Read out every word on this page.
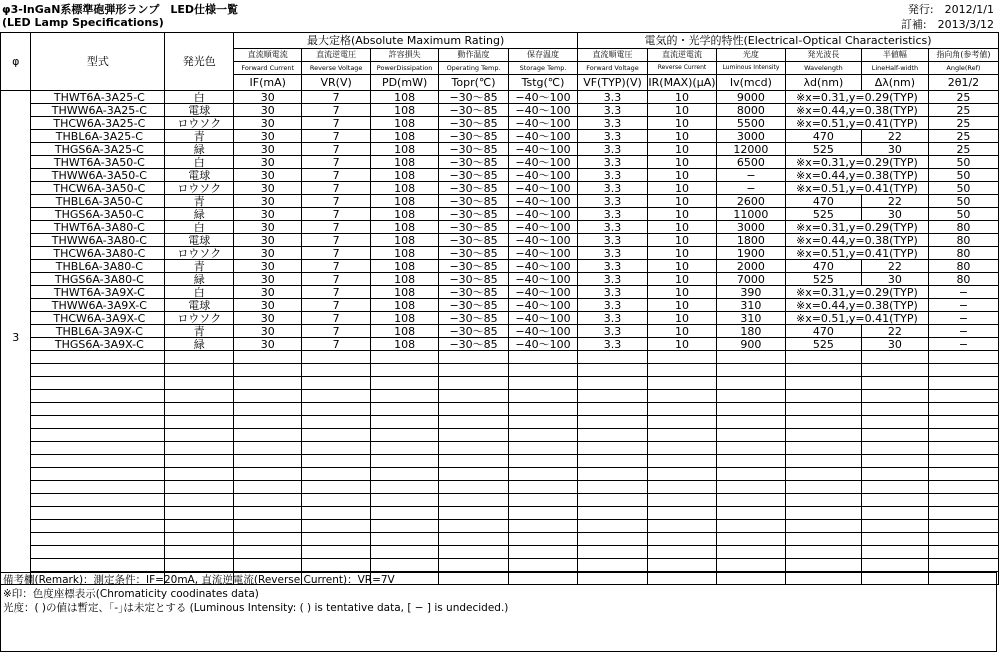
φ3-InGaN系標準砲弾形ランプ　LED仕様一覧
(LED Lamp Specifications)
発行:　2012/1/1
訂補:　2013/3/12
φ	型式	発光色	最大定格(Absolute Maximum Rating)					電気的・光学的特性(Electrical-Optical Characteristics)					
			直流順電流	直流逆電圧	許容損失	動作温度	保存温度	直流順電圧	直流逆電流	光度	発光波長	半値幅	指向角(参考値)
			Forward Current	Reverse Voltage	PowerDissipation	Operating Temp.	Storage Temp.	Forward Voltage	Reverse Current	Luminous Intensity	Wavelength	LineHalf-width	Angle(Ref)
			IF(mA)	VR(V)	PD(mW)	Topr(℃)	Tstg(℃)	VF(TYP)(V)	IR(MAX)(μA)	Iv(mcd)	λd(nm)	Δλ(nm)	2θ1/2
3	THWT6A-3A25-C	白	30	7	108	−30～85	−40～100	3.3	10	9000	※x=0.31,y=0.29(TYP)		25
	THWW6A-3A25-C	電球	30	7	108	−30～85	−40～100	3.3	10	8000	※x=0.44,y=0.38(TYP)		25
	THCW6A-3A25-C	ロウソク	30	7	108	−30～85	−40～100	3.3	10	5500	※x=0.51,y=0.41(TYP)		25
	THBL6A-3A25-C	青	30	7	108	−30～85	−40～100	3.3	10	3000	470	22	25
	THGS6A-3A25-C	緑	30	7	108	−30～85	−40～100	3.3	10	12000	525	30	25
	THWT6A-3A50-C	白	30	7	108	−30～85	−40～100	3.3	10	6500	※x=0.31,y=0.29(TYP)		50
	THWW6A-3A50-C	電球	30	7	108	−30～85	−40～100	3.3	10	−	※x=0.44,y=0.38(TYP)		50
	THCW6A-3A50-C	ロウソク	30	7	108	−30～85	−40～100	3.3	10	−	※x=0.51,y=0.41(TYP)		50
	THBL6A-3A50-C	青	30	7	108	−30～85	−40～100	3.3	10	2600	470	22	50
	THGS6A-3A50-C	緑	30	7	108	−30～85	−40～100	3.3	10	11000	525	30	50
	THWT6A-3A80-C	白	30	7	108	−30～85	−40～100	3.3	10	3000	※x=0.31,y=0.29(TYP)		80
	THWW6A-3A80-C	電球	30	7	108	−30～85	−40～100	3.3	10	1800	※x=0.44,y=0.38(TYP)		80
	THCW6A-3A80-C	ロウソク	30	7	108	−30～85	−40～100	3.3	10	1900	※x=0.51,y=0.41(TYP)		80
	THBL6A-3A80-C	青	30	7	108	−30～85	−40～100	3.3	10	2000	470	22	80
	THGS6A-3A80-C	緑	30	7	108	−30～85	−40～100	3.3	10	7000	525	30	80
	THWT6A-3A9X-C	白	30	7	108	−30～85	−40～100	3.3	10	390	※x=0.31,y=0.29(TYP)		−
	THWW6A-3A9X-C	電球	30	7	108	−30～85	−40～100	3.3	10	310	※x=0.44,y=0.38(TYP)		−
	THCW6A-3A9X-C	ロウソク	30	7	108	−30～85	−40～100	3.3	10	310	※x=0.51,y=0.41(TYP)		−
	THBL6A-3A9X-C	青	30	7	108	−30～85	−40～100	3.3	10	180	470	22	−
	THGS6A-3A9X-C	緑	30	7	108	−30～85	−40～100	3.3	10	900	525	30	−

備考欄(Remark)：測定条件：IF=20mA, 直流逆電流(Reverse Current)：VR=7V
※印：色度座標表示(Chromaticity coodinates data)
光度：( )の値は暫定、｢-｣は未定とする (Luminous Intensity: ( ) is tentative data, [ − ] is undecided.)
